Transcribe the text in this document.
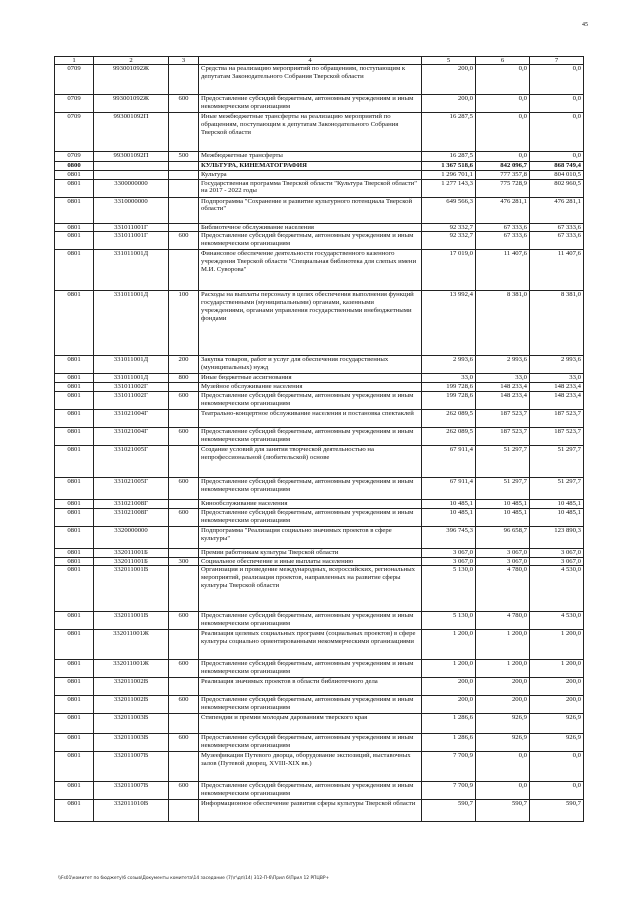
45
1	2	3	4	5	6	7
0709	993001092Ж		Средства на реализацию мероприятий по обращениям, поступающим к депутатам Законодательного Собрания Тверской области	200,0	0,0	0,0
0709	993001092Ж	600	Предоставление субсидий бюджетным, автономным учреждениям и иным некоммерческим организациям	200,0	0,0	0,0
0709	993001092П		Иные межбюджетные трансферты на реализацию мероприятий по обращениям, поступающим к депутатам Законодательного Собрания Тверской области	16 287,5	0,0	0,0
0709	993001092П	500	Межбюджетные трансферты	16 287,5	0,0	0,0
0800			КУЛЬТУРА, КИНЕМАТОГРАФИЯ	1 367 518,6	842 096,7	868 749,4
0801			Культура	1 296 701,1	777 357,8	804 010,5
0801	3300000000		Государственная программа Тверской области "Культура Тверской области" на 2017 - 2022 годы	1 277 143,3	775 728,9	802 960,5
0801	3310000000		Подпрограмма "Сохранение и развитие культурного потенциала Тверской области"	649 566,3	476 281,1	476 281,1
0801	331011001Г		Библиотечное обслуживание населения	92 332,7	67 333,6	67 333,6
0801	331011001Г	600	Предоставление субсидий бюджетным, автономным учреждениям и иным некоммерческим организациям	92 332,7	67 333,6	67 333,6
0801	331011001Д		Финансовое обеспечение деятельности государственного казенного учреждения Тверской области "Специальная библиотека для слепых имени М.И. Суворова"	17 019,0	11 407,6	11 407,6
0801	331011001Д	100	Расходы на выплаты персоналу в целях обеспечения выполнения функций государственными (муниципальными) органами, казенными учреждениями, органами управления государственными внебюджетными фондами	13 992,4	8 381,0	8 381,0
0801	331011001Д	200	Закупка товаров, работ и услуг для обеспечения государственных (муниципальных) нужд	2 993,6	2 993,6	2 993,6
0801	331011001Д	800	Иные бюджетные ассигнования	33,0	33,0	33,0
0801	331011002Г		Музейное обслуживание населения	199 728,6	148 233,4	148 233,4
0801	331011002Г	600	Предоставление субсидий бюджетным, автономным учреждениям и иным некоммерческим организациям	199 728,6	148 233,4	148 233,4
0801	331021004Г		Театрально-концертное обслуживание населения и постановка спектаклей	262 089,5	187 523,7	187 523,7
0801	331021004Г	600	Предоставление субсидий бюджетным, автономным учреждениям и иным некоммерческим организациям	262 089,5	187 523,7	187 523,7
0801	331021005Г		Создание условий для занятия творческой деятельностью на непрофессиональной (любительской) основе	67 911,4	51 297,7	51 297,7
0801	331021005Г	600	Предоставление субсидий бюджетным, автономным учреждениям и иным некоммерческим организациям	67 911,4	51 297,7	51 297,7
0801	331021008Г		Кинообслуживание населения	10 485,1	10 485,1	10 485,1
0801	331021008Г	600	Предоставление субсидий бюджетным, автономным учреждениям и иным некоммерческим организациям	10 485,1	10 485,1	10 485,1
0801	3320000000		Подпрограмма "Реализация социально значимых проектов в сфере культуры"	396 745,3	96 658,7	123 890,3
0801	332011001Б		Премии работникам культуры Тверской области	3 067,0	3 067,0	3 067,0
0801	332011001Б	300	Социальное обеспечение и иные выплаты населению	3 067,0	3 067,0	3 067,0
0801	332011001В		Организация и проведение международных, всероссийских, региональных мероприятий, реализация проектов, направленных на развитие сферы культуры Тверской области	5 130,0	4 780,0	4 530,0
0801	332011001В	600	Предоставление субсидий бюджетным, автономным учреждениям и иным некоммерческим организациям	5 130,0	4 780,0	4 530,0
0801	332011001Ж		Реализация целевых социальных программ (социальных проектов) в сфере культуры социально ориентированными некоммерческими организациями	1 200,0	1 200,0	1 200,0
0801	332011001Ж	600	Предоставление субсидий бюджетным, автономным учреждениям и иным некоммерческим организациям	1 200,0	1 200,0	1 200,0
0801	332011002В		Реализация значимых проектов в области библиотечного дела	200,0	200,0	200,0
0801	332011002В	600	Предоставление субсидий бюджетным, автономным учреждениям и иным некоммерческим организациям	200,0	200,0	200,0
0801	332011003В		Стипендии и премии молодым дарованиям тверского края	1 286,6	926,9	926,9
0801	332011003В	600	Предоставление субсидий бюджетным, автономным учреждениям и иным некоммерческим организациям	1 286,6	926,9	926,9
0801	332011007В		Музеефикация Путевого дворца, оборудование экспозиций, выставочных залов (Путевой дворец, XVIII-XIX вв.)	7 700,9	0,0	0,0
0801	332011007В	600	Предоставление субсидий бюджетным, автономным учреждениям и иным некоммерческим организациям	7 700,9	0,0	0,0
0801	332011010В		Информационное обеспечение развития сферы культуры Тверской области	590,7	590,7	590,7
\\Fs01\комитет по бюджету\6 созыв\Документы комитета\14 заседание (7)\г\дп\14) 312-П-6\Прил 6\Прил 12 РПЦВР+
